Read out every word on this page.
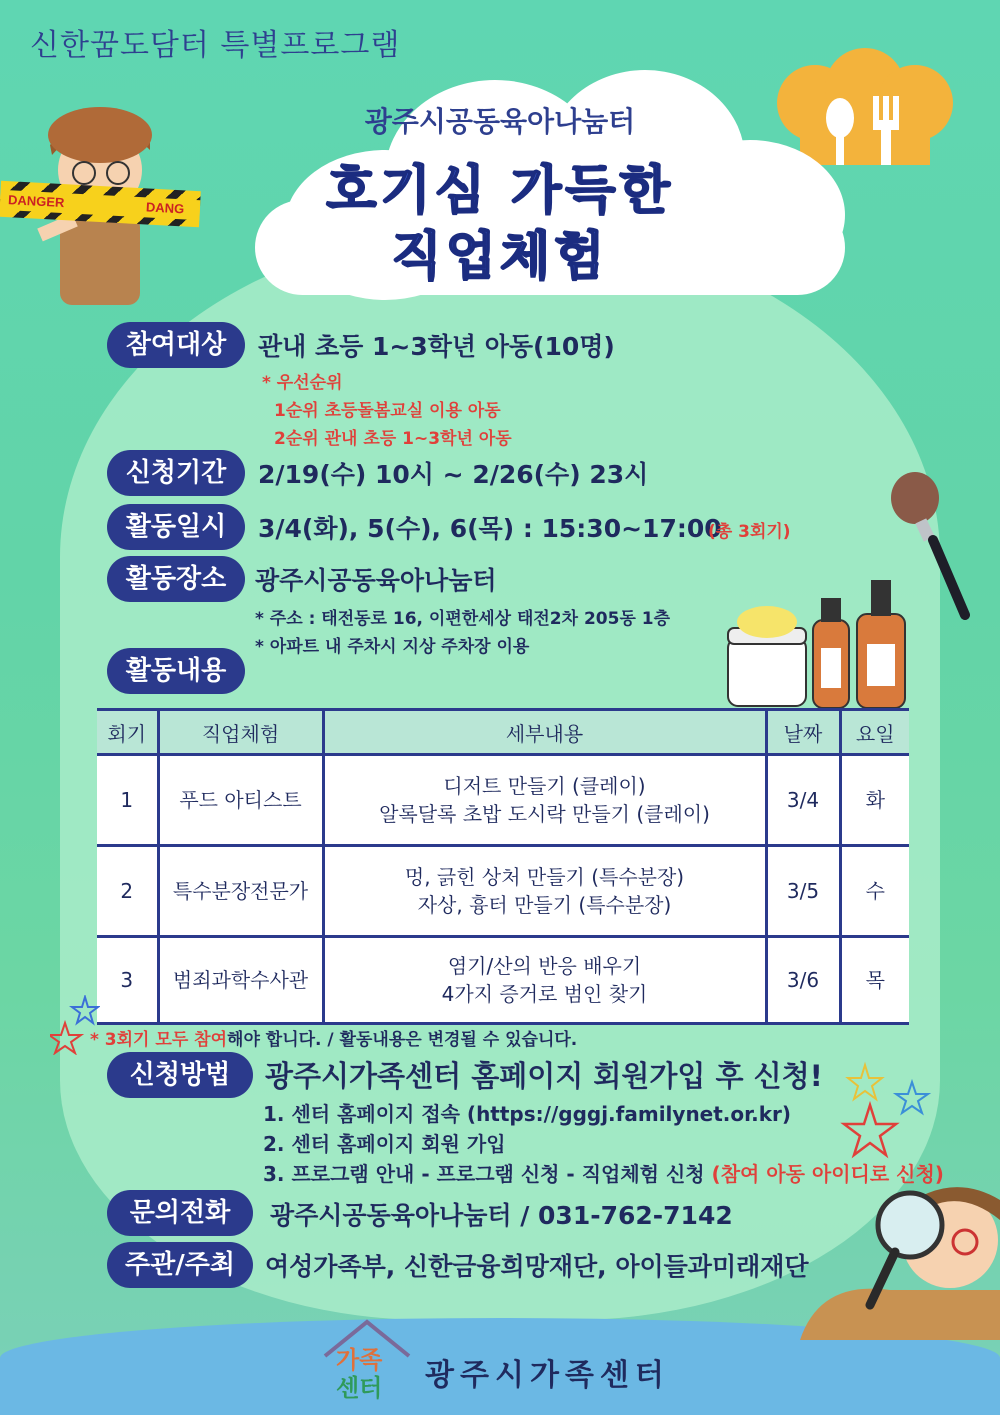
신한꿈도담터 특별프로그램
DANGER	DANG
광주시공동육아나눔터
호기심 가득한
직업체험
참여대상	관내 초등 1~3학년 아동(10명)
* 우선순위
1순위 초등돌봄교실 이용 아동
2순위 관내 초등 1~3학년 아동
신청기간	2/19(수) 10시 ~ 2/26(수) 23시
활동일시	3/4(화), 5(수), 6(목) : 15:30~17:00
(총 3회기)
활동장소	광주시공동육아나눔터
* 주소 : 태전동로 16, 이편한세상 태전2차 205동 1층
* 아파트 내 주차시 지상 주차장 이용
활동내용
회기	직업체험	세부내용	날짜	요일
1	푸드 아티스트	디저트 만들기 (클레이)
알록달록 초밥 도시락 만들기 (클레이)	3/4	화
2	특수분장전문가	멍, 긁힌 상처 만들기 (특수분장)
자상, 흉터 만들기 (특수분장)	3/5	수
3	범죄과학수사관	염기/산의 반응 배우기
4가지 증거로 범인 찾기	3/6	목
* 3회기 모두 참여해야 합니다. / 활동내용은 변경될 수 있습니다.
신청방법	광주시가족센터 홈페이지 회원가입 후 신청!
1. 센터 홈페이지 접속 (https://gggj.familynet.or.kr)
2. 센터 홈페이지 회원 가입
3. 프로그램 안내 - 프로그램 신청 - 직업체험 신청 (참여 아동 아이디로 신청)
문의전화	광주시공동육아나눔터 / 031-762-7142
주관/주최	여성가족부, 신한금융희망재단, 아이들과미래재단
가족
센터 광주시가족센터
